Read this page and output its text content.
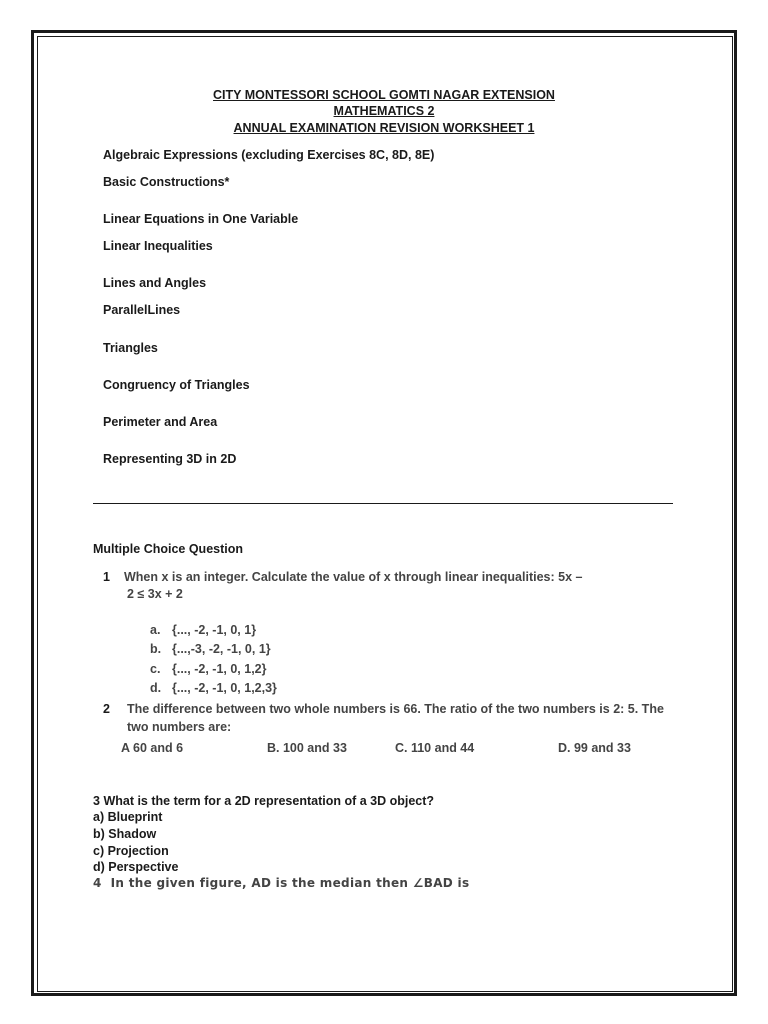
CITY MONTESSORI SCHOOL GOMTI NAGAR EXTENSION
MATHEMATICS 2
ANNUAL EXAMINATION REVISION WORKSHEET 1
Algebraic Expressions (excluding Exercises 8C, 8D, 8E)
Basic Constructions*
Linear Equations in One Variable
Linear Inequalities
Lines and Angles
ParallelLines
Triangles
Congruency of Triangles
Perimeter and Area
Representing 3D in 2D
Multiple Choice Question
1 When x is an integer. Calculate the value of x through linear inequalities: 5x –
2 ≤ 3x + 2
a. {..., -2, -1, 0, 1}
b. {...,-3, -2, -1, 0, 1}
c. {..., -2, -1, 0, 1,2}
d. {..., -2, -1, 0, 1,2,3}
2 The difference between two whole numbers is 66. The ratio of the two numbers is 2: 5. The
two numbers are:
A 60 and 6	B. 100 and 33	C. 110 and 44	D. 99 and 33
3 What is the term for a 2D representation of a 3D object?
a) Blueprint
b) Shadow
c) Projection
d) Perspective
4 In the given figure, AD is the median then ∠BAD is
